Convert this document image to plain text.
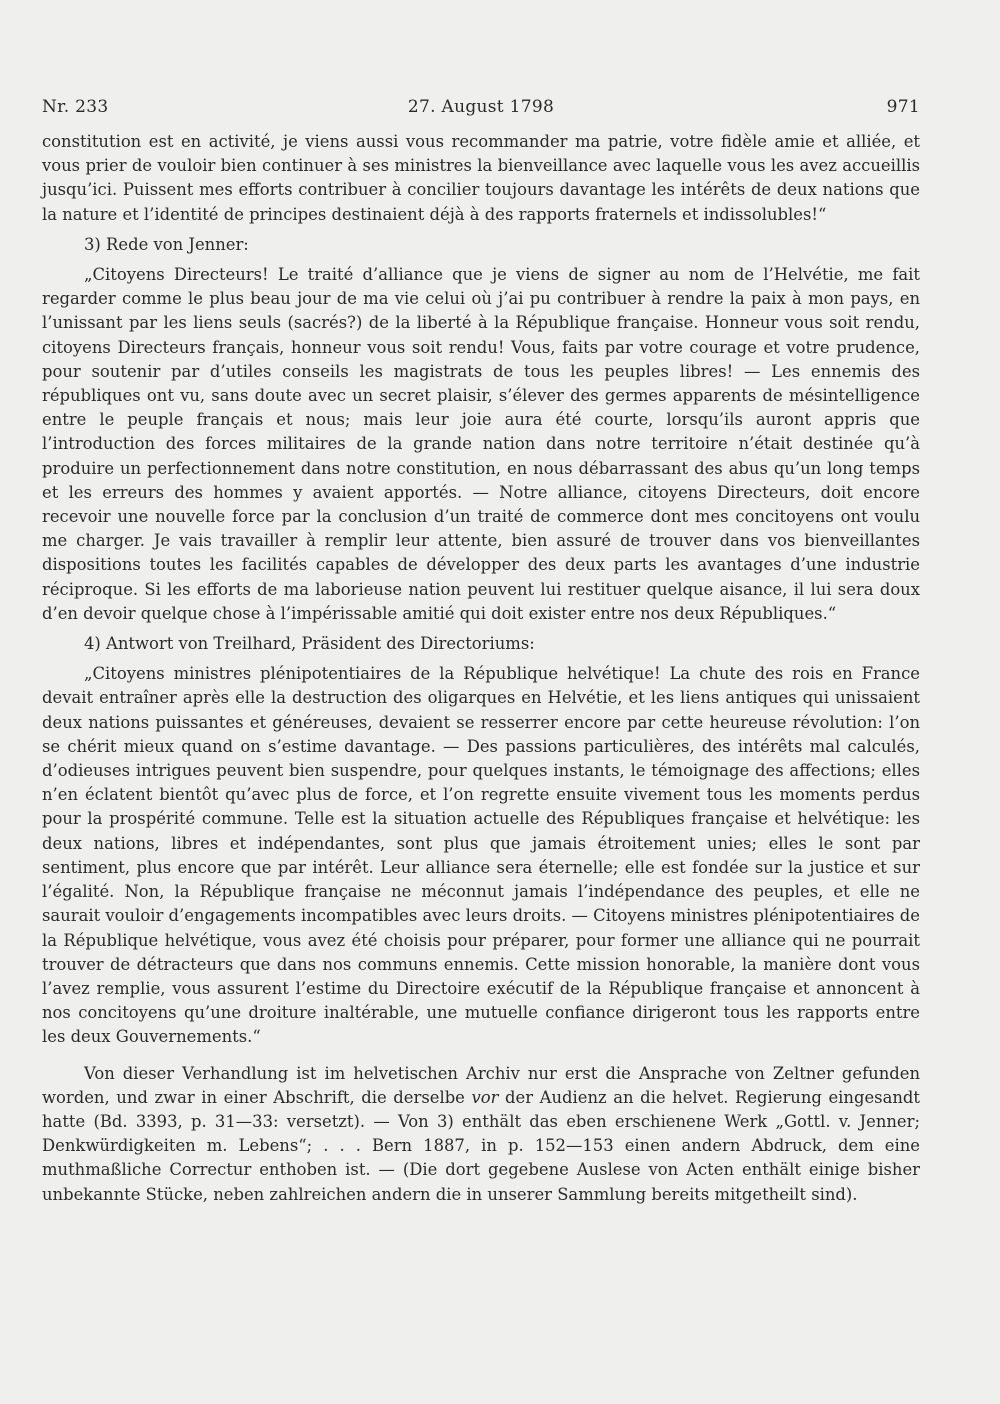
Nr. 233	27. August 1798	971

constitution est en activité, je viens aussi vous recommander ma patrie, votre fidèle amie et alliée, et vous prier de vouloir bien continuer à ses ministres la bienveillance avec laquelle vous les avez accueillis jusqu’ici. Puissent mes efforts contribuer à concilier toujours davantage les intérêts de deux nations que la nature et l’identité de principes destinaient déjà à des rapports fraternels et indissolubles!“

3) Rede von Jenner:

„Citoyens Directeurs! Le traité d’alliance que je viens de signer au nom de l’Helvétie, me fait regarder comme le plus beau jour de ma vie celui où j’ai pu contribuer à rendre la paix à mon pays, en l’unissant par les liens seuls (sacrés?) de la liberté à la République française. Honneur vous soit rendu, citoyens Directeurs français, honneur vous soit rendu! Vous, faits par votre courage et votre prudence, pour soutenir par d’utiles conseils les magistrats de tous les peuples libres! — Les ennemis des républiques ont vu, sans doute avec un secret plaisir, s’élever des germes apparents de mésintelligence entre le peuple français et nous; mais leur joie aura été courte, lorsqu’ils auront appris que l’introduction des forces militaires de la grande nation dans notre territoire n’était destinée qu’à produire un perfectionnement dans notre constitution, en nous débarrassant des abus qu’un long temps et les erreurs des hommes y avaient apportés. — Notre alliance, citoyens Directeurs, doit encore recevoir une nouvelle force par la conclusion d’un traité de commerce dont mes concitoyens ont voulu me charger. Je vais travailler à remplir leur attente, bien assuré de trouver dans vos bienveillantes dispositions toutes les facilités capables de développer des deux parts les avantages d’une industrie réciproque. Si les efforts de ma laborieuse nation peuvent lui restituer quelque aisance, il lui sera doux d’en devoir quelque chose à l’impérissable amitié qui doit exister entre nos deux Républiques.“

4) Antwort von Treilhard, Präsident des Directoriums:

„Citoyens ministres plénipotentiaires de la République helvétique! La chute des rois en France devait entraîner après elle la destruction des oligarques en Helvétie, et les liens antiques qui unissaient deux nations puissantes et généreuses, devaient se resserrer encore par cette heureuse révolution: l’on se chérit mieux quand on s’estime davantage. — Des passions particulières, des intérêts mal calculés, d’odieuses intrigues peuvent bien suspendre, pour quelques instants, le témoignage des affections; elles n’en éclatent bientôt qu’avec plus de force, et l’on regrette ensuite vivement tous les moments perdus pour la prospérité commune. Telle est la situation actuelle des Républiques française et helvétique: les deux nations, libres et indépendantes, sont plus que jamais étroitement unies; elles le sont par sentiment, plus encore que par intérêt. Leur alliance sera éternelle; elle est fondée sur la justice et sur l’égalité. Non, la République française ne méconnut jamais l’indépendance des peuples, et elle ne saurait vouloir d’engagements incompatibles avec leurs droits. — Citoyens ministres plénipotentiaires de la République helvétique, vous avez été choisis pour préparer, pour former une alliance qui ne pourrait trouver de détracteurs que dans nos communs ennemis. Cette mission honorable, la manière dont vous l’avez remplie, vous assurent l’estime du Directoire exécutif de la République française et annoncent à nos concitoyens qu’une droiture inaltérable, une mutuelle confiance dirigeront tous les rapports entre les deux Gouvernements.“

Von dieser Verhandlung ist im helvetischen Archiv nur erst die Ansprache von Zeltner gefunden worden, und zwar in einer Abschrift, die derselbe vor der Audienz an die helvet. Regierung eingesandt hatte (Bd. 3393, p. 31—33: versetzt). — Von 3) enthält das eben erschienene Werk „Gottl. v. Jenner; Denkwürdigkeiten m. Lebens“; . . . Bern 1887, in p. 152—153 einen andern Abdruck, dem eine muthmaßliche Correctur enthoben ist. — (Die dort gegebene Auslese von Acten enthält einige bisher unbekannte Stücke, neben zahlreichen andern die in unserer Sammlung bereits mitgetheilt sind).
